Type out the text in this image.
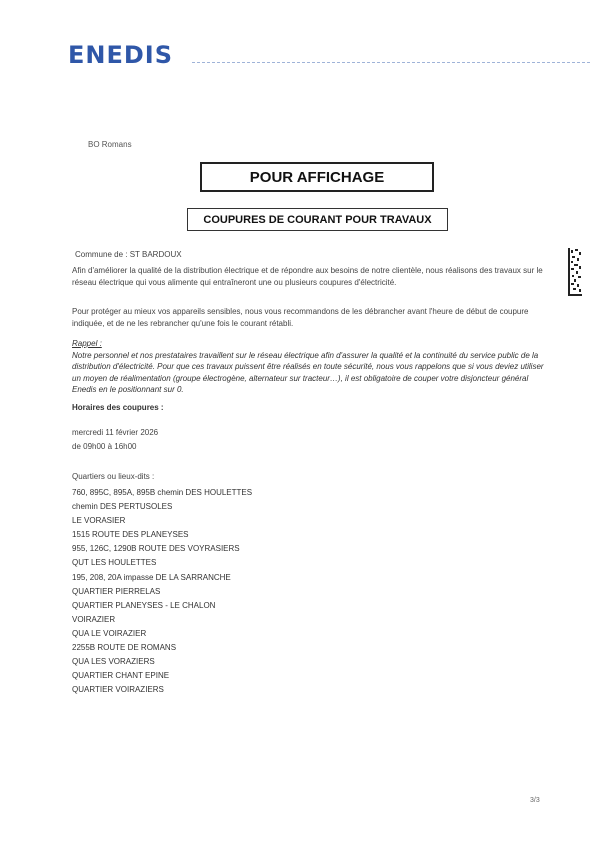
ENEDIS
BO Romans
POUR AFFICHAGE
COUPURES DE COURANT POUR TRAVAUX
Commune de : ST BARDOUX

Afin d'améliorer la qualité de la distribution électrique et de répondre aux besoins de notre clientèle, nous réalisons des travaux sur le réseau électrique qui vous alimente qui entraîneront une ou plusieurs coupures d'électricité.

Pour protéger au mieux vos appareils sensibles, nous vous recommandons de les débrancher avant l'heure de début de coupure indiquée, et de ne les rebrancher qu'une fois le courant rétabli.

Rappel :
Notre personnel et nos prestataires travaillent sur le réseau électrique afin d'assurer la qualité et la continuité du service public de la distribution d'électricité. Pour que ces travaux puissent être réalisés en toute sécurité, nous vous rappelons que si vous deviez utiliser un moyen de réalimentation (groupe électrogène, alternateur sur tracteur…), il est obligatoire de couper votre disjoncteur général Enedis en le positionnant sur 0.
Horaires des coupures :
mercredi 11 février 2026
de 09h00 à 16h00
Quartiers ou lieux-dits :
760, 895C, 895A, 895B chemin DES HOULETTES
chemin DES PERTUSOLES
LE VORASIER
1515 ROUTE DES PLANEYSES
955, 126C, 1290B ROUTE DES VOYRASIERS
QUT LES HOULETTES
195, 208, 20A impasse DE LA SARRANCHE
QUARTIER PIERRELAS
QUARTIER PLANEYSES - LE CHALON
VOIRAZIER
QUA LE VOIRAZIER
2255B ROUTE DE ROMANS
QUA LES VORAZIERS
QUARTIER CHANT EPINE
QUARTIER VOIRAZIERS
3/3
